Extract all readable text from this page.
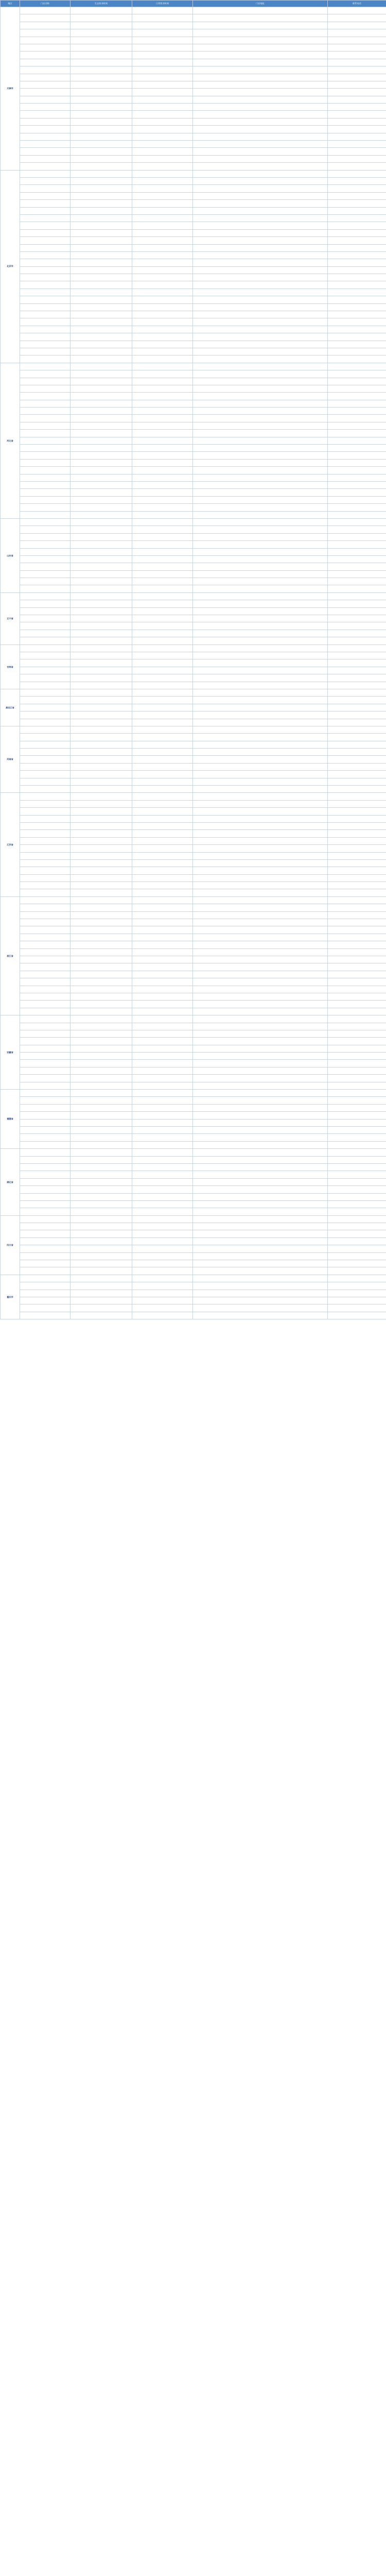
地区	门店名称	生态营业时间	日常营业时间	门店地址	联系电话
天津市					

北京市					

河北省					

山东省					

辽宁省					

吉林省					

黑龙江省					

河南省					

江苏省					

浙江省					

安徽省					

福建省					

湖北省					

四川省					

重庆市					
